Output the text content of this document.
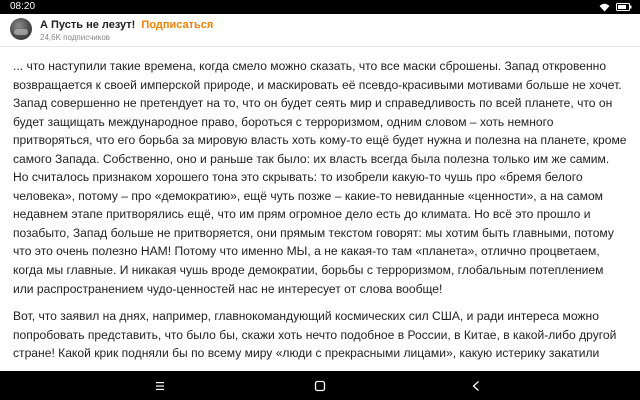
08:20
А Пусть не лезут! Подписаться
24,6K подписчиков

... что наступили такие времена, когда смело можно сказать, что все маски сброшены. Запад откровенно возвращается к своей имперской природе, и маскировать её псевдо-красивыми мотивами больше не хочет. Запад совершенно не претендует на то, что он будет сеять мир и справедливость по всей планете, что он будет защищать международное право, бороться с терроризмом, одним словом – хоть немного притворяться, что его борьба за мировую власть хоть кому-то ещё будет нужна и полезна на планете, кроме самого Запада. Собственно, оно и раньше так было: их власть всегда была полезна только им же самим. Но считалось признаком хорошего тона это скрывать: то изобрели какую-то чушь про «бремя белого человека», потому – про «демократию», ещё чуть позже – какие-то невиданные «ценности», а на самом недавнем этапе притворялись ещё, что им прям огромное дело есть до климата. Но всё это прошло и позабыто, Запад больше не притворяется, они прямым текстом говорят: мы хотим быть главными, потому что это очень полезно НАМ! Потому что именно МЫ, а не какая-то там «планета», отлично процветаем, когда мы главные. И никакая чушь вроде демократии, борьбы с терроризмом, глобальным потеплением или распространением чудо-ценностей нас не интересует от слова вообще!

Вот, что заявил на днях, например, главнокомандующий космических сил США, и ради интереса можно попробовать представить, что было бы, скажи хоть нечто подобное в России, в Китае, в какой-либо другой стране! Какой крик подняли бы по всему миру «люди с прекрасными лицами», какую истерику закатили
